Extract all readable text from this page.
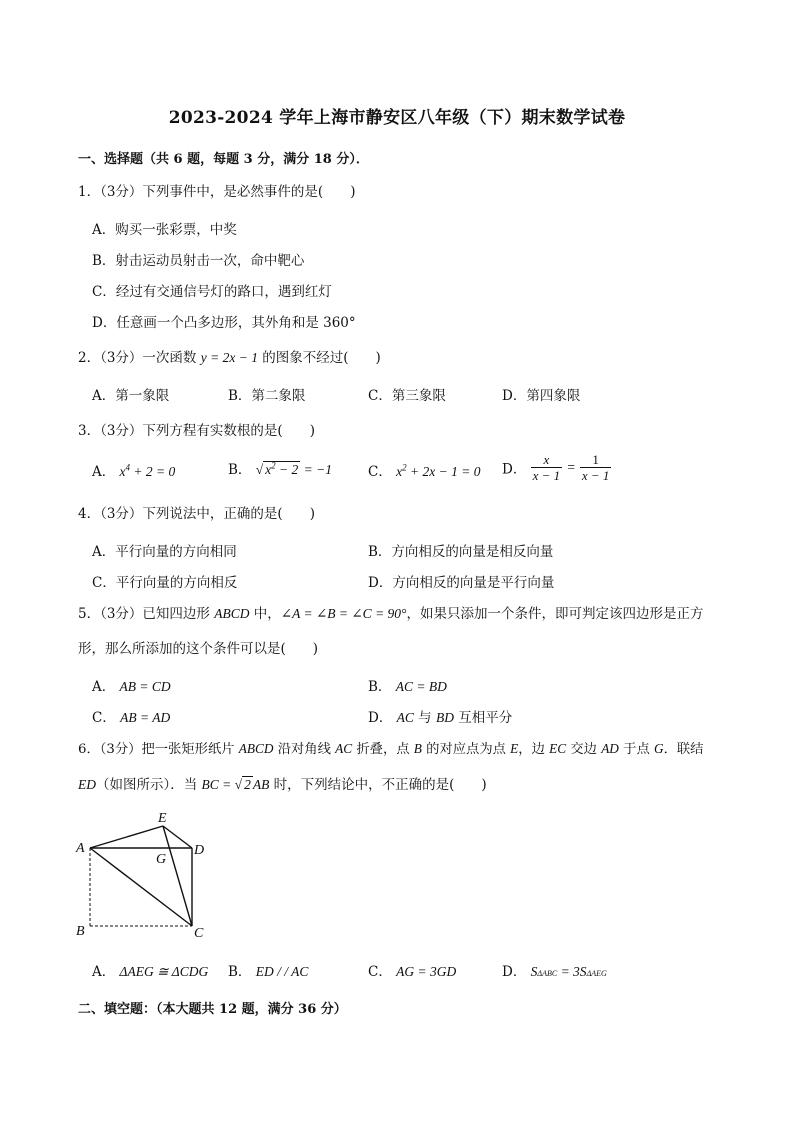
2023-2024 学年上海市静安区八年级（下）期末数学试卷
一、选择题（共 6 题，每题 3 分，满分 18 分）．
1．（3分）下列事件中，是必然事件的是(　　)
A．购买一张彩票，中奖
B．射击运动员射击一次，命中靶心
C．经过有交通信号灯的路口，遇到红灯
D．任意画一个凸多边形，其外角和是 360°
2．（3分）一次函数 y = 2x − 1 的图象不经过(　　)
A．第一象限	B．第二象限	C．第三象限	D．第四象限
3．（3分）下列方程有实数根的是(　　)
A． $x^4 + 2 = 0$	B． √ $x^2 - 2 = -1$	C． $x^2 + 2x - 1 = 0$ D． $\frac{x}{x - 1} = \frac{1}{x - 1}$
4．（3分）下列说法中，正确的是(　　)
A．平行向量的方向相同	B．方向相反的向量是相反向量
C．平行向量的方向相反	D．方向相反的向量是平行向量
5．（3分）已知四边形 ABCD 中，∠A = ∠B = ∠C = 90°，如果只添加一个条件，即可判定该四边形是正方
形，那么所添加的这个条件可以是(　　)
A． AB = CD	B． AC = BD
C． AB = AD	D． AC 与 BD 互相平分
6．（3分）把一张矩形纸片 ABCD 沿对角线 AC 折叠，点 B 的对应点为点 E，边 EC 交边 AD 于点 G．联结
ED（如图所示）．当 BC = √ 2 AB 时，下列结论中，不正确的是(　　)
A
B	C
D
E
G
A． ΔAEG ≅ ΔCDG B． ED / / AC	C． AG = 3GD	D． SΔABC = 3SΔAEG
二、填空题：（本大题共 12 题，满分 36 分）
